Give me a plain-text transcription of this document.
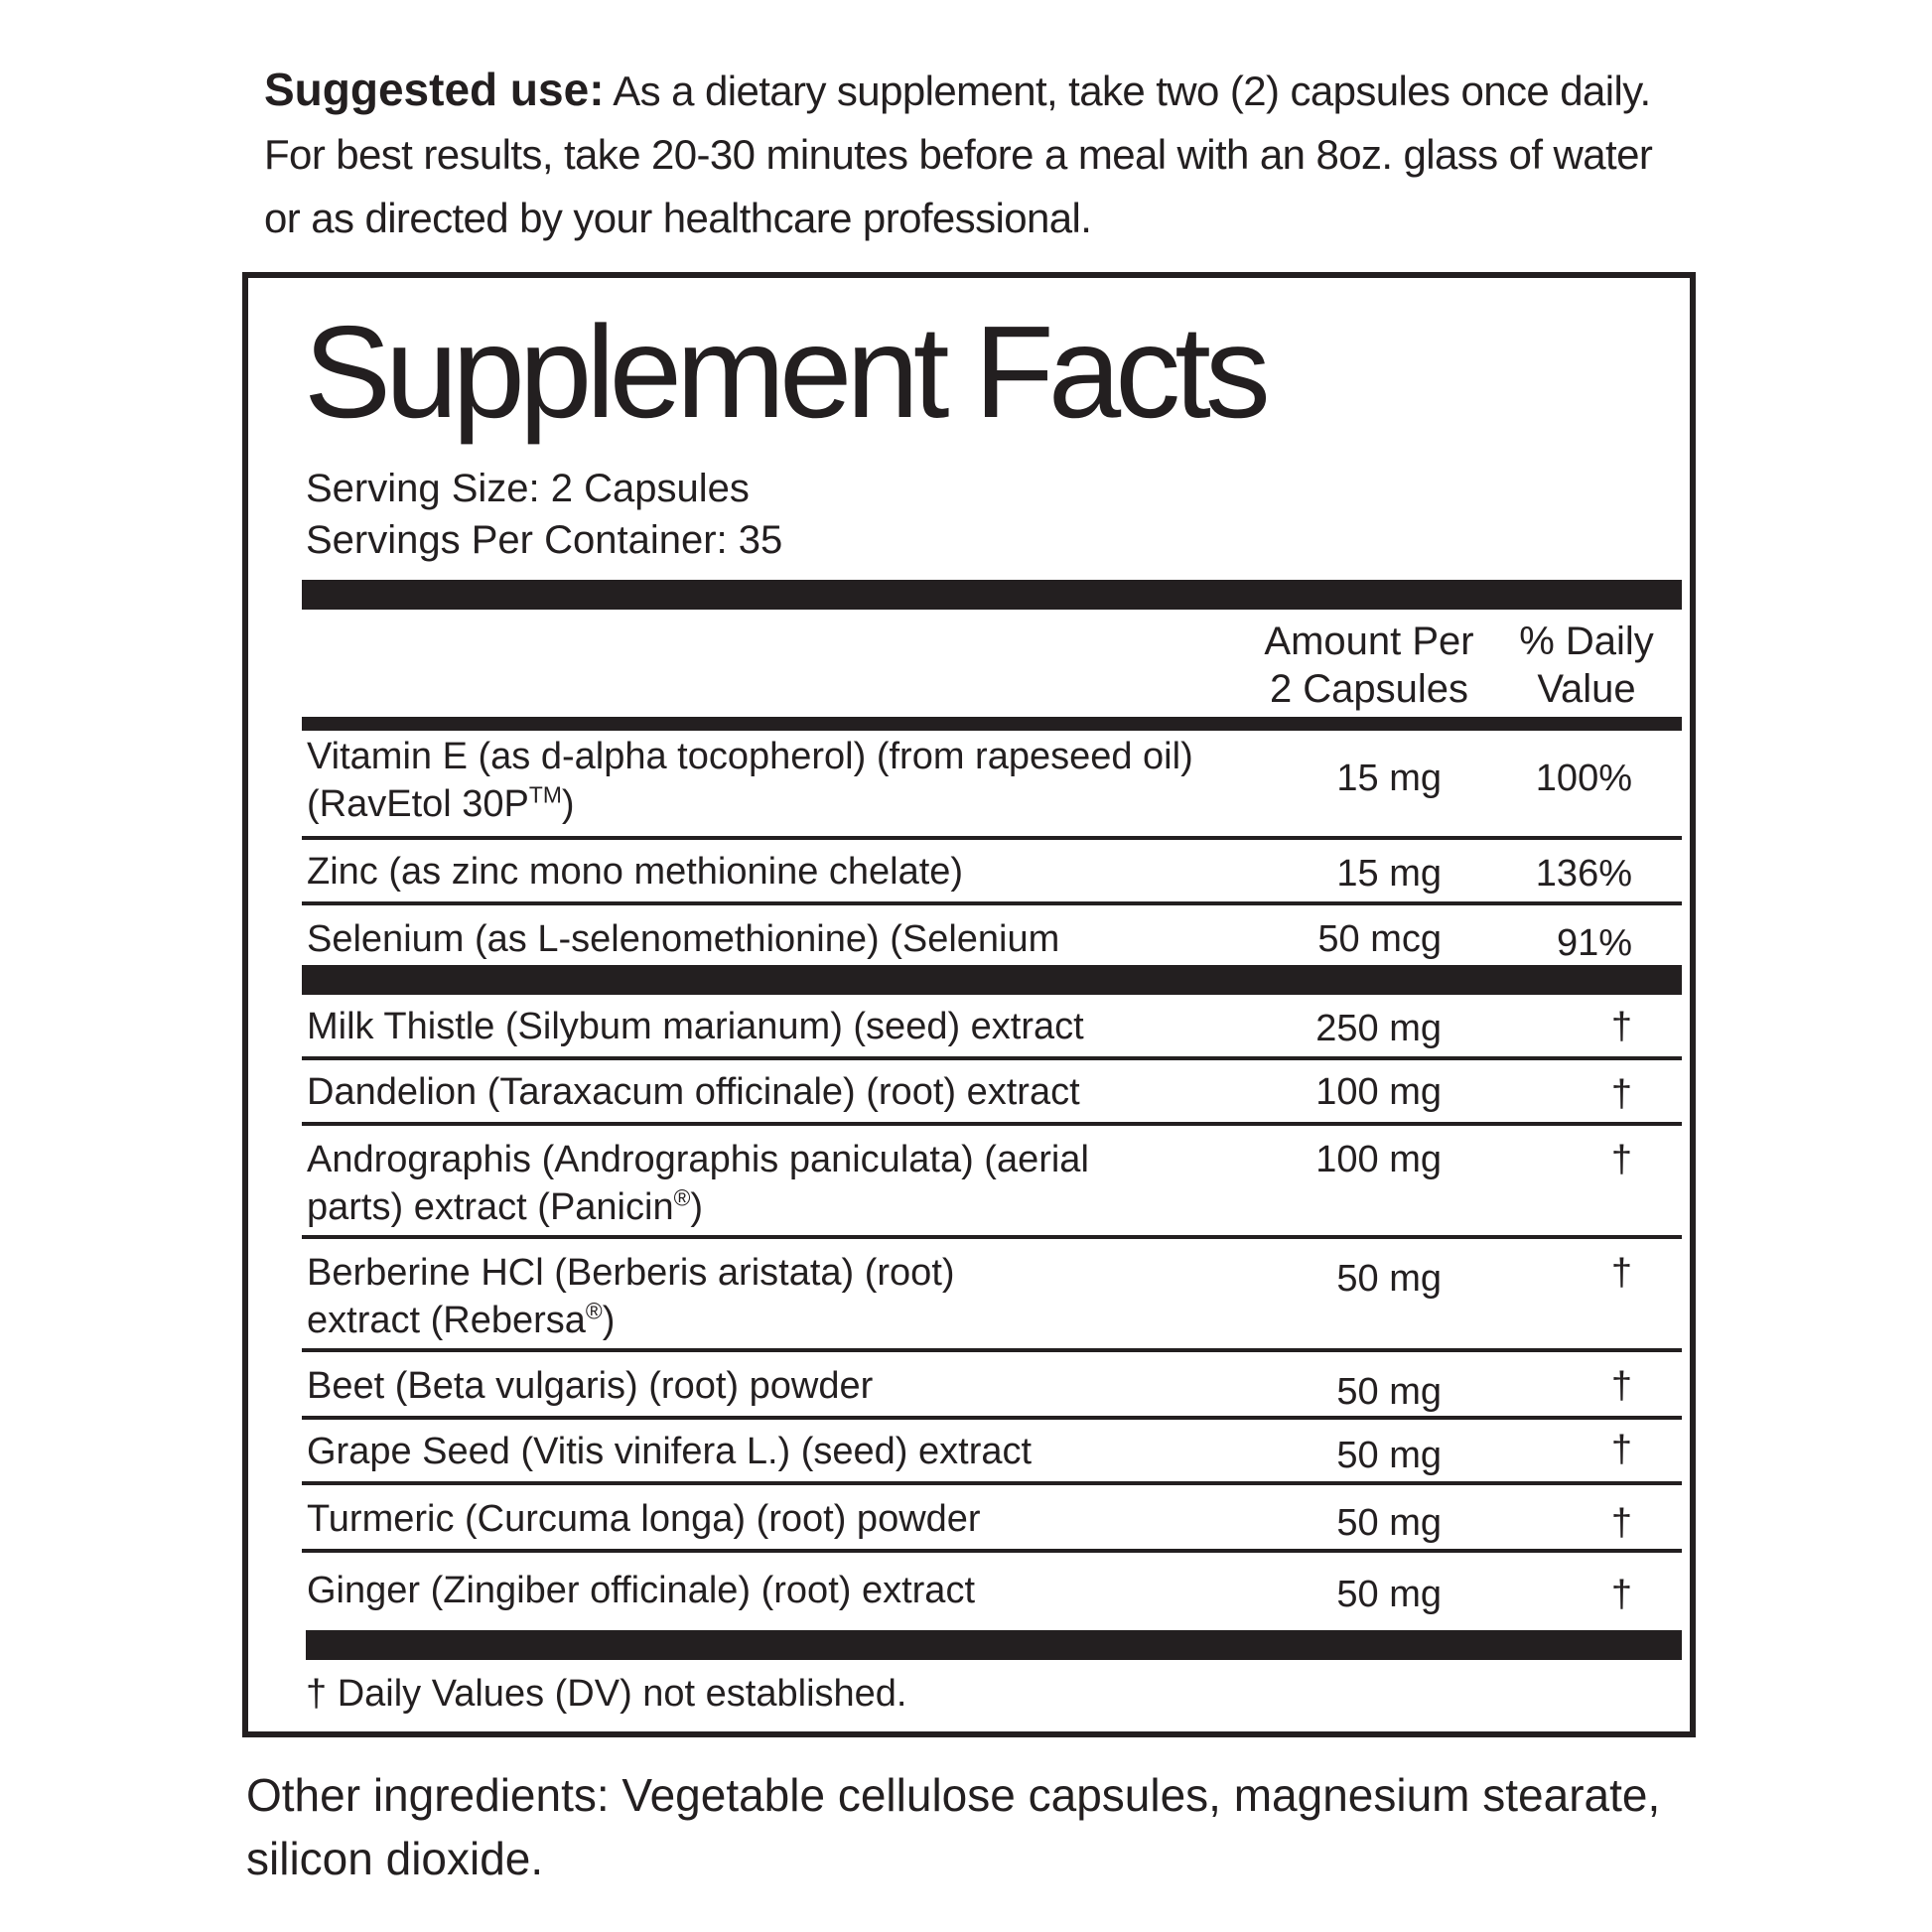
Suggested use: As a dietary supplement, take two (2) capsules once daily. For best results, take 20-30 minutes before a meal with an 8oz. glass of water or as directed by your healthcare professional.
Supplement Facts
Serving Size: 2 Capsules
Servings Per Container: 35
Amount Per
2 Capsules
% Daily
Value
Vitamin E (as d-alpha tocopherol) (from rapeseed oil)
(RavEtol 30P™)
15 mg 100%
Zinc (as zinc mono methionine chelate)	15 mg 136%
Selenium (as L-selenomethionine) (Selenium	50 mcg	91%
Milk Thistle (Silybum marianum) (seed) extract	250 mg	†
Dandelion (Taraxacum officinale) (root) extract	100 mg	†
Andrographis (Andrographis paniculata) (aerial
parts) extract (Panicin®)
100 mg	†
Berberine HCl (Berberis aristata) (root)
extract (Rebersa®)
50 mg	†
Beet (Beta vulgaris) (root) powder	50 mg	†
Grape Seed (Vitis vinifera L.) (seed) extract	50 mg	†
Turmeric (Curcuma longa) (root) powder	50 mg	†
Ginger (Zingiber officinale) (root) extract	50 mg	†
† Daily Values (DV) not established.
Other ingredients: Vegetable cellulose capsules, magnesium stearate, silicon dioxide.
